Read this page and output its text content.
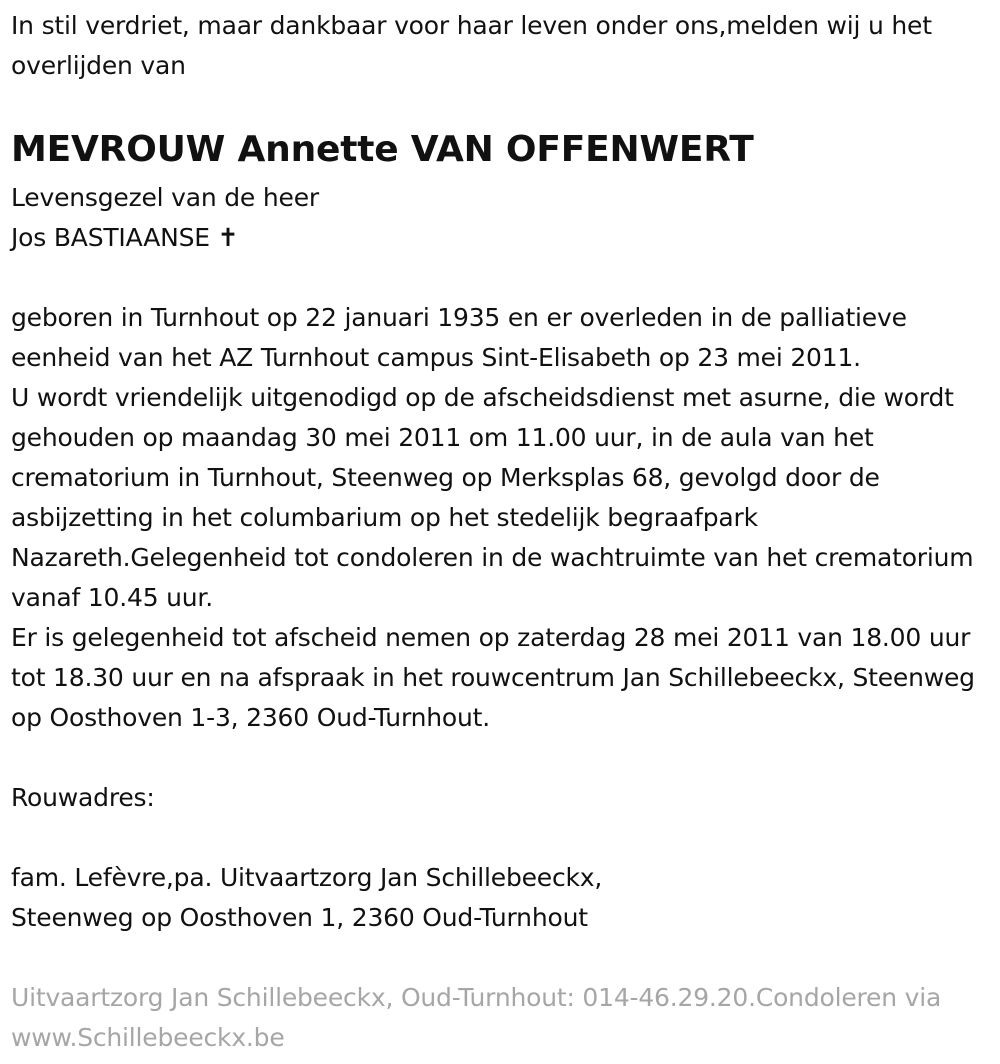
In stil verdriet, maar dankbaar voor haar leven onder ons,melden wij u het overlijden van

MEVROUW Annette VAN OFFENWERT

Levensgezel van de heer

Jos BASTIAANSE ✝

geboren in Turnhout op 22 januari 1935 en er overleden in de palliatieve eenheid van het AZ Turnhout campus Sint-Elisabeth op 23 mei 2011.

U wordt vriendelijk uitgenodigd op de afscheidsdienst met asurne, die wordt gehouden op maandag 30 mei 2011 om 11.00 uur, in de aula van het crematorium in Turnhout, Steenweg op Merksplas 68, gevolgd door de asbijzetting in het columbarium op het stedelijk begraafpark Nazareth.Gelegenheid tot condoleren in de wachtruimte van het crematorium vanaf 10.45 uur.

Er is gelegenheid tot afscheid nemen op zaterdag 28 mei 2011 van 18.00 uur tot 18.30 uur en na afspraak in het rouwcentrum Jan Schillebeeckx, Steenweg op Oosthoven 1-3, 2360 Oud-Turnhout.

Rouwadres:

fam. Lefèvre,pa. Uitvaartzorg Jan Schillebeeckx,

Steenweg op Oosthoven 1, 2360 Oud-Turnhout

Uitvaartzorg Jan Schillebeeckx, Oud-Turnhout: 014-46.29.20.Condoleren via www.Schillebeeckx.be
